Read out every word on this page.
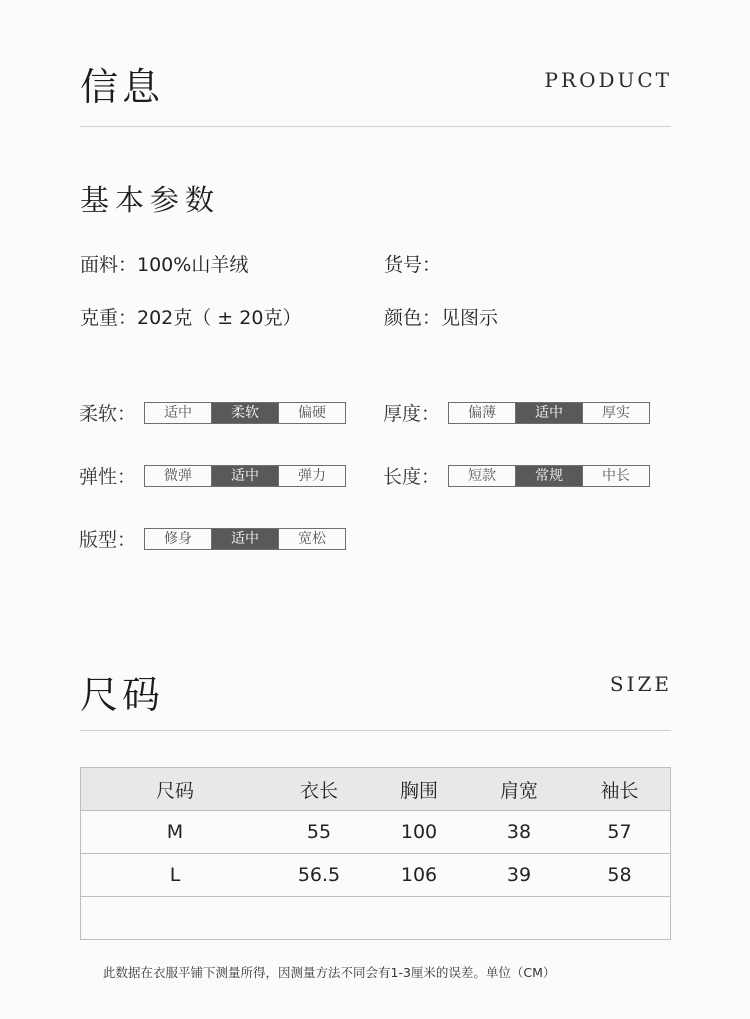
信息	PRODUCT
基本参数
面料：100%山羊绒	货号：
克重：202克（ ± 20克）	颜色：见图示
柔软：	适中	柔软	偏硬	厚度：	偏薄	适中	厚实
弹性：	微弹	适中	弹力	长度：	短款	常规	中长
版型：	修身	适中	宽松
尺码	SIZE
尺码	衣长	胸围	肩宽	袖长
M	55	100	38	57
L	56.5	106	39	58

此数据在衣服平铺下测量所得，因测量方法不同会有1-3厘米的误差。单位（CM）
